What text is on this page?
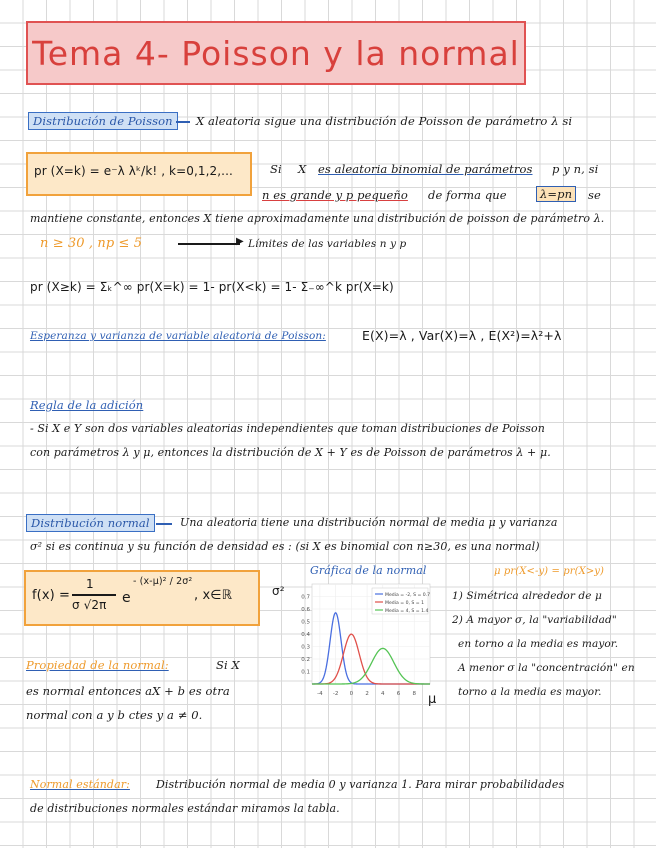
Tema 4- Poisson y la normal
Distribución de Poisson	X aleatoria sigue una distribución de Poisson de parámetro λ si
pr (X=k) = e⁻λ λᵏ/k! , k=0,1,2,...	Si X es aleatoria binomial de parámetros p y n, si
n es grande y p pequeño de forma que	λ=pn	se
mantiene constante, entonces X tiene aproximadamente una distribución de poisson de parámetro λ.
n ≥ 30 , np ≤ 5	▶ Límites de las variables n y p
pr (X≥k) = Σₖ^∞ pr(X=k) = 1- pr(X<k) = 1- Σ₋∞^k pr(X=k)
Esperanza y varianza de variable aleatoria de Poisson:	E(X)=λ , Var(X)=λ , E(X²)=λ²+λ
Regla de la adición
- Si X e Y son dos variables aleatorias independientes que toman distribuciones de Poisson
con parámetros λ y μ, entonces la distribución de X + Y es de Poisson de parámetros λ + μ.
Distribución normal	Una aleatoria tiene una distribución normal de media μ y varianza
σ² si es continua y su función de densidad es : (si X es binomial con n≥30, es una normal)
f(x) =
1
σ √2π e
- (x-μ)² / 2σ²
, x∈ℝ
Gráfica de la normal
σ²
μ
-4 -2 0 2 4 6 8
0.1
0.2
0.3
0.4
0.5
0.6
0.7	Media = -2, S = 0.7
Media = 0, S = 1
Media = 4, S = 1.4
μ pr(X<-y) = pr(X>y)
1) Simétrica alrededor de μ
2) A mayor σ, la "variabilidad"
en torno a la media es mayor.
A menor σ la "concentración" en
torno a la media es mayor.
Propiedad de la normal:	Si X
es normal entonces aX + b es otra
normal con a y b ctes y a ≠ 0.
Normal estándar: Distribución normal de media 0 y varianza 1. Para mirar probabilidades
de distribuciones normales estándar miramos la tabla.
